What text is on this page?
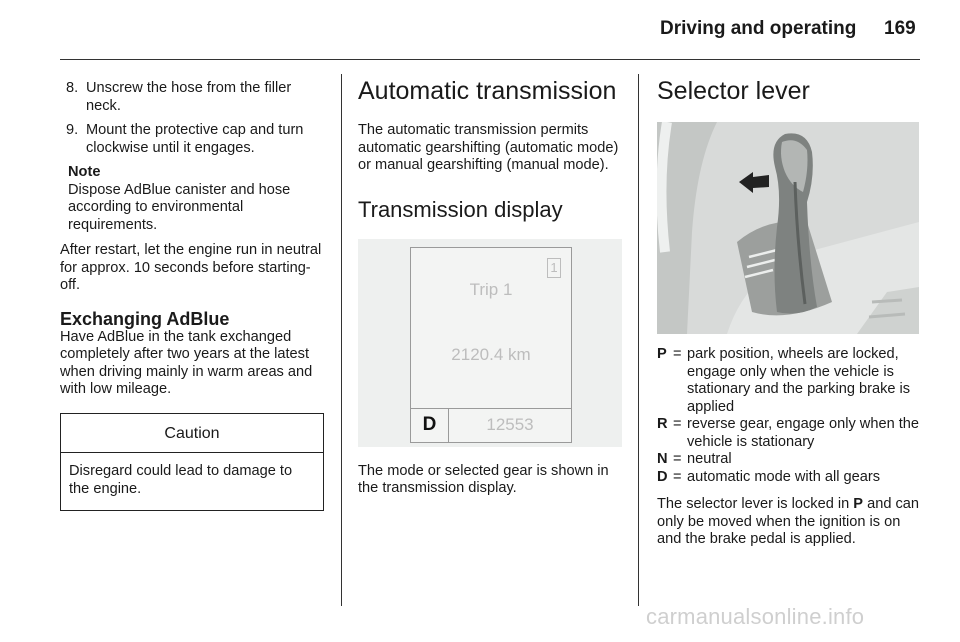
Driving and operating 169
8. Unscrew the hose from the filler neck.
9. Mount the protective cap and turn clockwise until it engages.
Note
Dispose AdBlue canister and hose according to environmental requirements.
After restart, let the engine run in neutral for approx. 10 seconds before starting-off.
Exchanging AdBlue
Have AdBlue in the tank exchanged completely after two years at the latest when driving mainly in warm areas and with low mileage.
Caution
Disregard could lead to damage to the engine.
Automatic transmission
The automatic transmission permits automatic gearshifting (automatic mode) or manual gearshifting (manual mode).
Transmission display
1
Trip 1
2120.4 km
D	12553
The mode or selected gear is shown in the transmission display.
Selector lever
P = park position, wheels are locked, engage only when the vehicle is stationary and the parking brake is applied
R = reverse gear, engage only when the vehicle is stationary
N = neutral
D = automatic mode with all gears
The selector lever is locked in P and can only be moved when the ignition is on and the brake pedal is applied.
carmanualsonline.info
